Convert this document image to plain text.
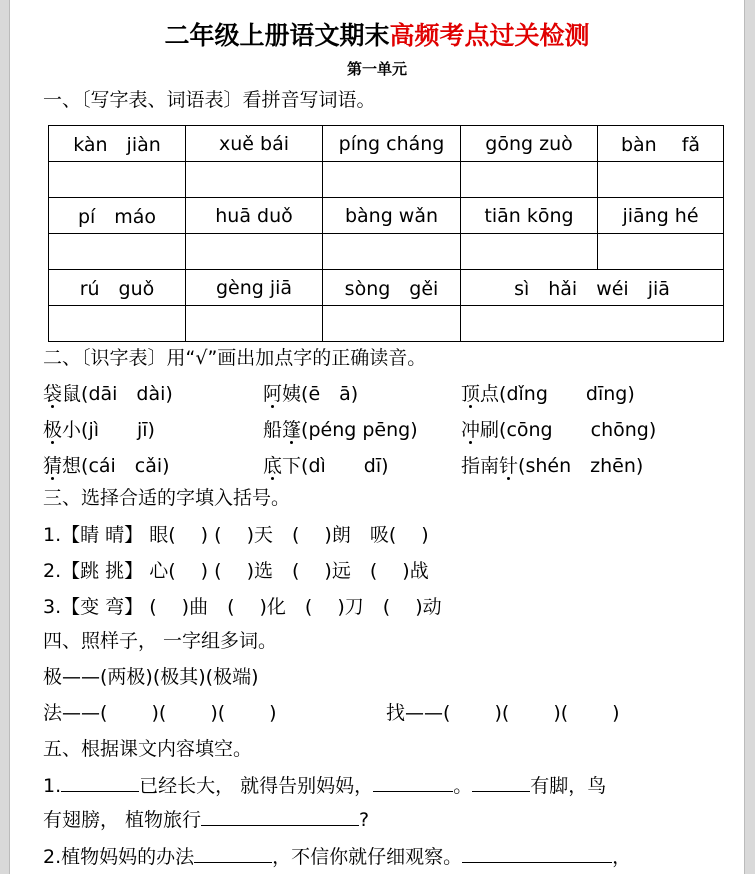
二年级上册语文期末高频考点过关检测
第一单元
一、〔写字表、词语表〕看拼音写词语。
kàn　jiàn	xuě bái	píng cháng	gōng zuò	bàn　 fǎ

pí　máo	huā duǒ	bàng wǎn	tiān kōng	jiāng hé

rú　guǒ	gèng jiā	sòng　gěi	sì　hǎi　wéi　jiā	

二、〔识字表〕用“√”画出加点字的正确读音。
袋鼠(dāi　dài)	阿姨(ē　ā)	顶点(dǐng　　dīng)
极小(jì　　jī)	船篷(péng pēng) 冲刷(cōng　　chōng)
猜想(cái　cǎi)	底下(dì　　dī)	指南针(shén　zhēn)
三、选择合适的字填入括号。
1.【睛 晴】 眼(　 ) (　 )天　(　 )朗　吸(　 )
2.【跳 挑】 心(　 ) (　 )选　(　 )远　(　 )战
3.【变 弯】 (　 )曲　(　 )化　(　 )刀　(　 )动
四、照样子， 一字组多词。
极——(两极)(极其)(极端)
法——(　　 )(　　 )(　　 )	找——(　　 )(　　 )(　　 )
五、根据课文内容填空。
1.	已经长大， 就得告别妈妈，	。	有脚，鸟
有翅膀， 植物旅行	?
2.植物妈妈的办法	，不信你就仔细观察。	，
